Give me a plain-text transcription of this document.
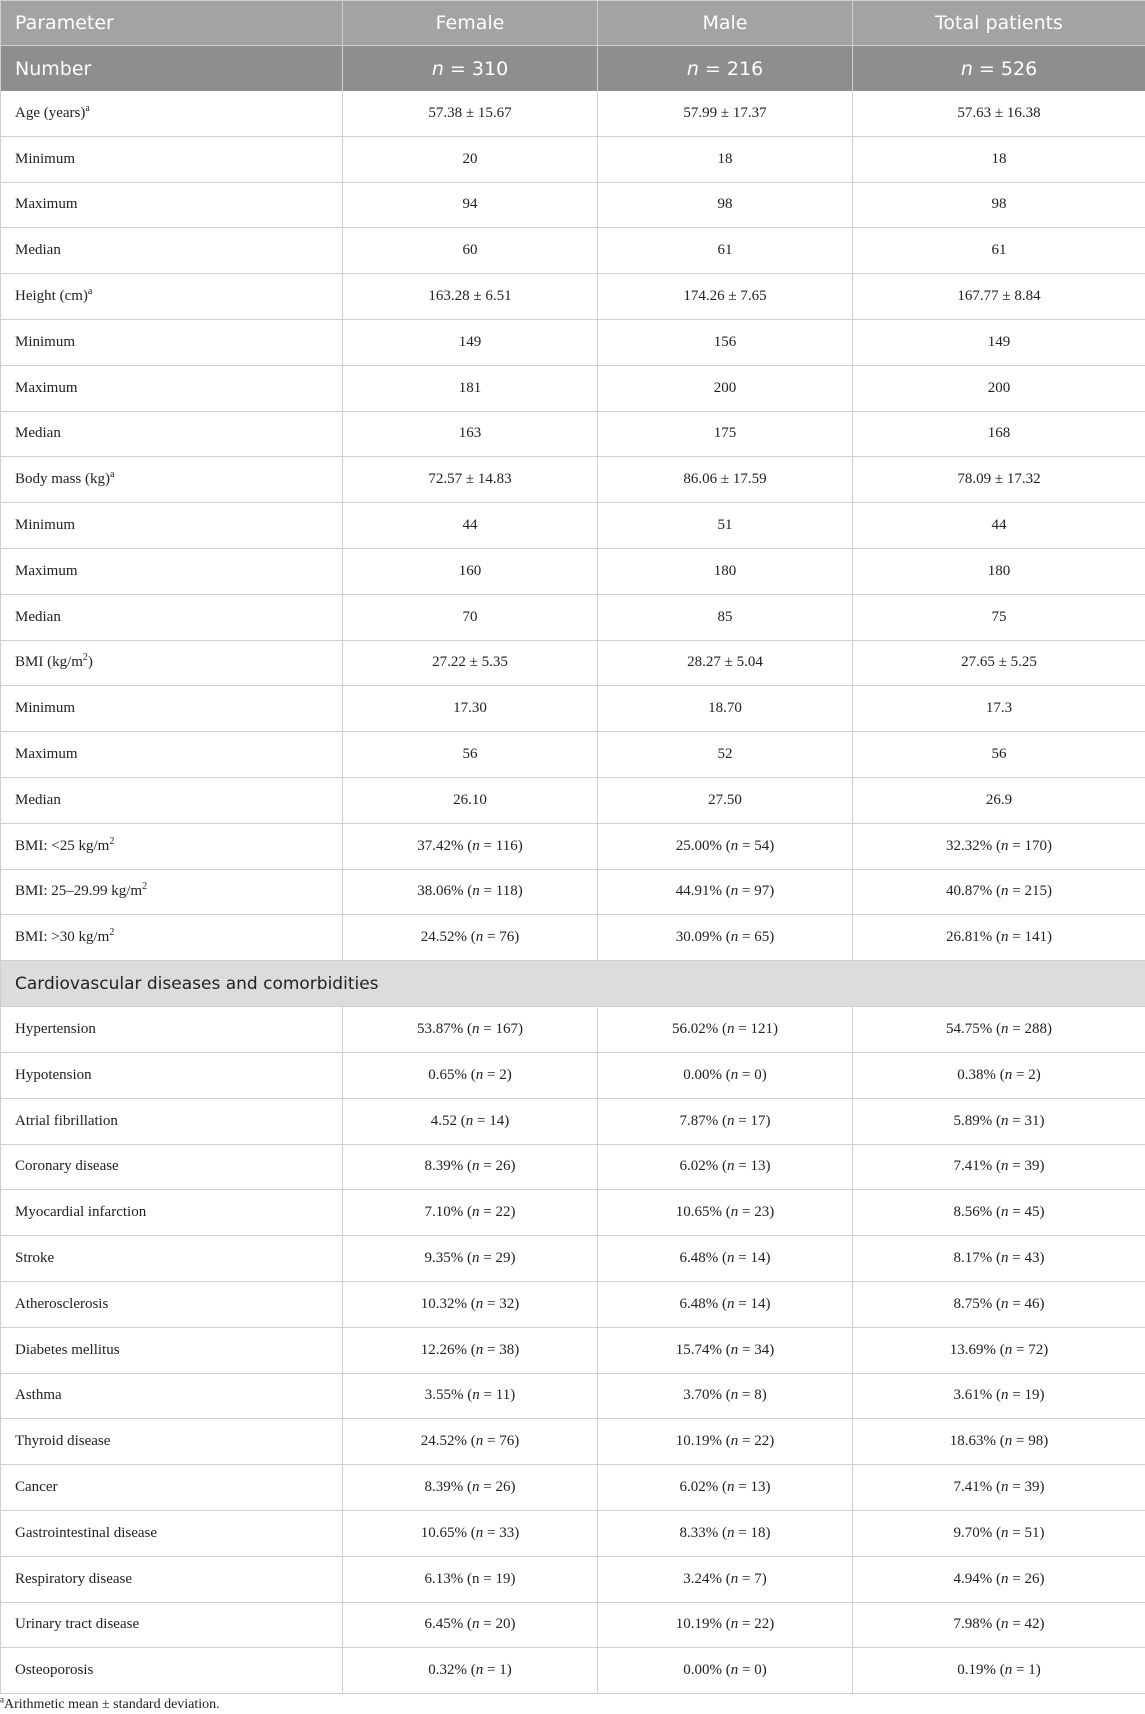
Parameter	Female	Male	Total patients
Number	n = 310	n = 216	n = 526
Age (years)$^a$	57.38 ± 15.67	57.99 ± 17.37	57.63 ± 16.38
Minimum	20	18	18
Maximum	94	98	98
Median	60	61	61
Height (cm)$^a$	163.28 ± 6.51	174.26 ± 7.65	167.77 ± 8.84
Minimum	149	156	149
Maximum	181	200	200
Median	163	175	168
Body mass (kg)$^a$	72.57 ± 14.83	86.06 ± 17.59	78.09 ± 17.32
Minimum	44	51	44
Maximum	160	180	180
Median	70	85	75
BMI $(kg/m^2)$	27.22 ± 5.35	28.27 ± 5.04	27.65 ± 5.25
Minimum	17.30	18.70	17.3
Maximum	56	52	56
Median	26.10	27.50	26.9
BMI: <25 $kg/m^2$	37.42% (n = 116)	25.00% (n = 54)	32.32% (n = 170)
BMI: 25–29.99 $kg/m^2$	38.06% (n = 118)	44.91% (n = 97)	40.87% (n = 215)
BMI: >30 $kg/m^2$	24.52% (n = 76)	30.09% (n = 65)	26.81% (n = 141)
Cardiovascular diseases and comorbidities			
Hypertension	53.87% (n = 167)	56.02% (n = 121)	54.75% (n = 288)
Hypotension	0.65% (n = 2)	0.00% (n = 0)	0.38% (n = 2)
Atrial fibrillation	4.52 (n = 14)	7.87% (n = 17)	5.89% (n = 31)
Coronary disease	8.39% (n = 26)	6.02% (n = 13)	7.41% (n = 39)
Myocardial infarction	7.10% (n = 22)	10.65% (n = 23)	8.56% (n = 45)
Stroke	9.35% (n = 29)	6.48% (n = 14)	8.17% (n = 43)
Atherosclerosis	10.32% (n = 32)	6.48% (n = 14)	8.75% (n = 46)
Diabetes mellitus	12.26% (n = 38)	15.74% (n = 34)	13.69% (n = 72)
Asthma	3.55% (n = 11)	3.70% (n = 8)	3.61% (n = 19)
Thyroid disease	24.52% (n = 76)	10.19% (n = 22)	18.63% (n = 98)
Cancer	8.39% (n = 26)	6.02% (n = 13)	7.41% (n = 39)
Gastrointestinal disease	10.65% (n = 33)	8.33% (n = 18)	9.70% (n = 51)
Respiratory disease	6.13% (n = 19)	3.24% (n = 7)	4.94% (n = 26)
Urinary tract disease	6.45% (n = 20)	10.19% (n = 22)	7.98% (n = 42)
Osteoporosis	0.32% (n = 1)	0.00% (n = 0)	0.19% (n = 1)
$^a$Arithmetic mean ± standard deviation.
